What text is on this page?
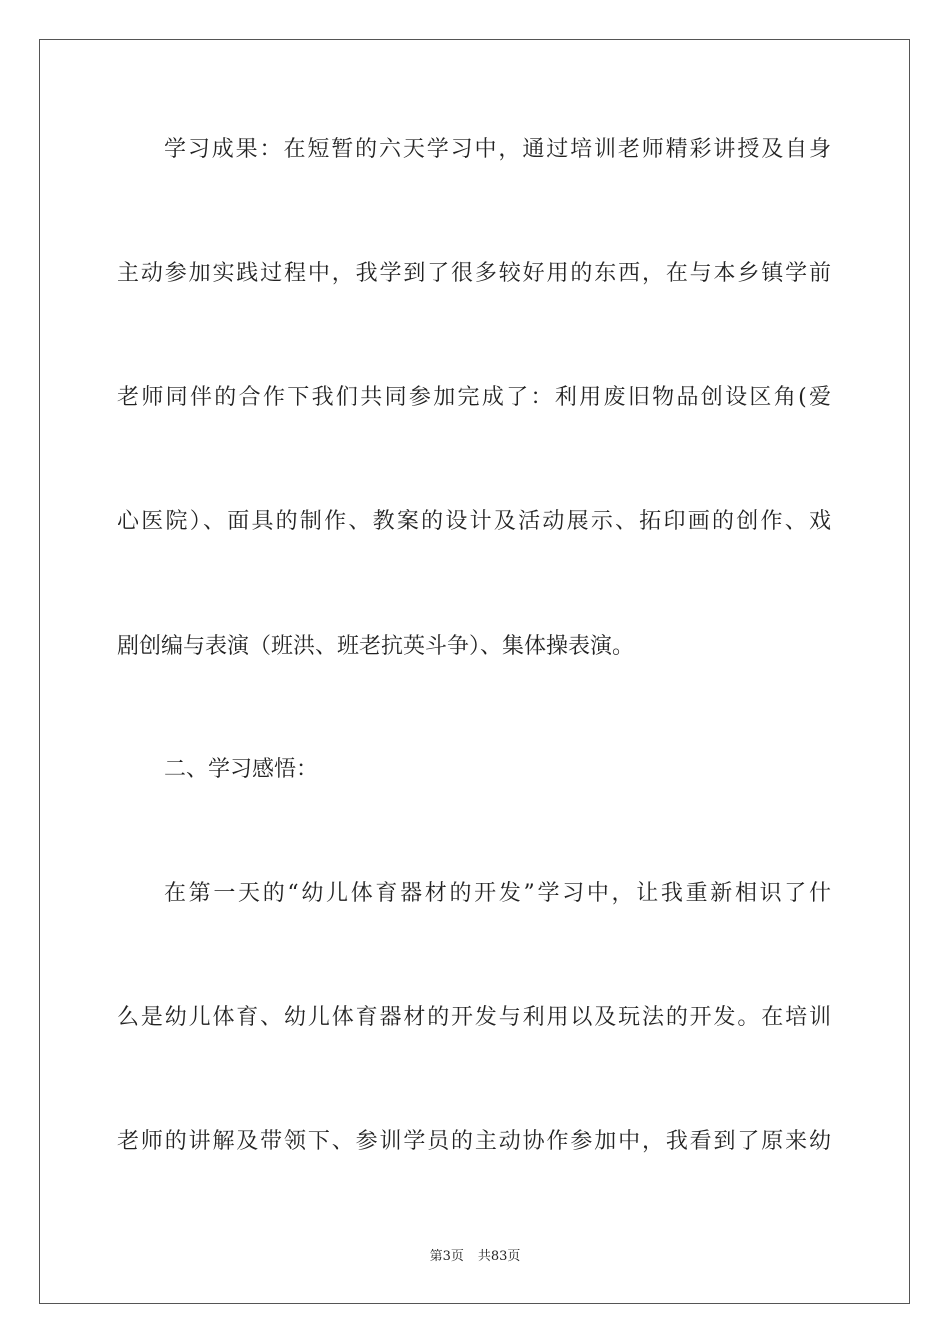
学习成果：在短暂的六天学习中，通过培训老师精彩讲授及自身
主动参加实践过程中，我学到了很多较好用的东西，在与本乡镇学前
老师同伴的合作下我们共同参加完成了：利用废旧物品创设区角(爱
心医院）、面具的制作、教案的设计及活动展示、拓印画的创作、戏
剧创编与表演（班洪、班老抗英斗争）、集体操表演。
二、学习感悟：
在第一天的“幼儿体育器材的开发”学习中，让我重新相识了什
么是幼儿体育、幼儿体育器材的开发与利用以及玩法的开发。在培训
老师的讲解及带领下、参训学员的主动协作参加中，我看到了原来幼
第3页 共83页
